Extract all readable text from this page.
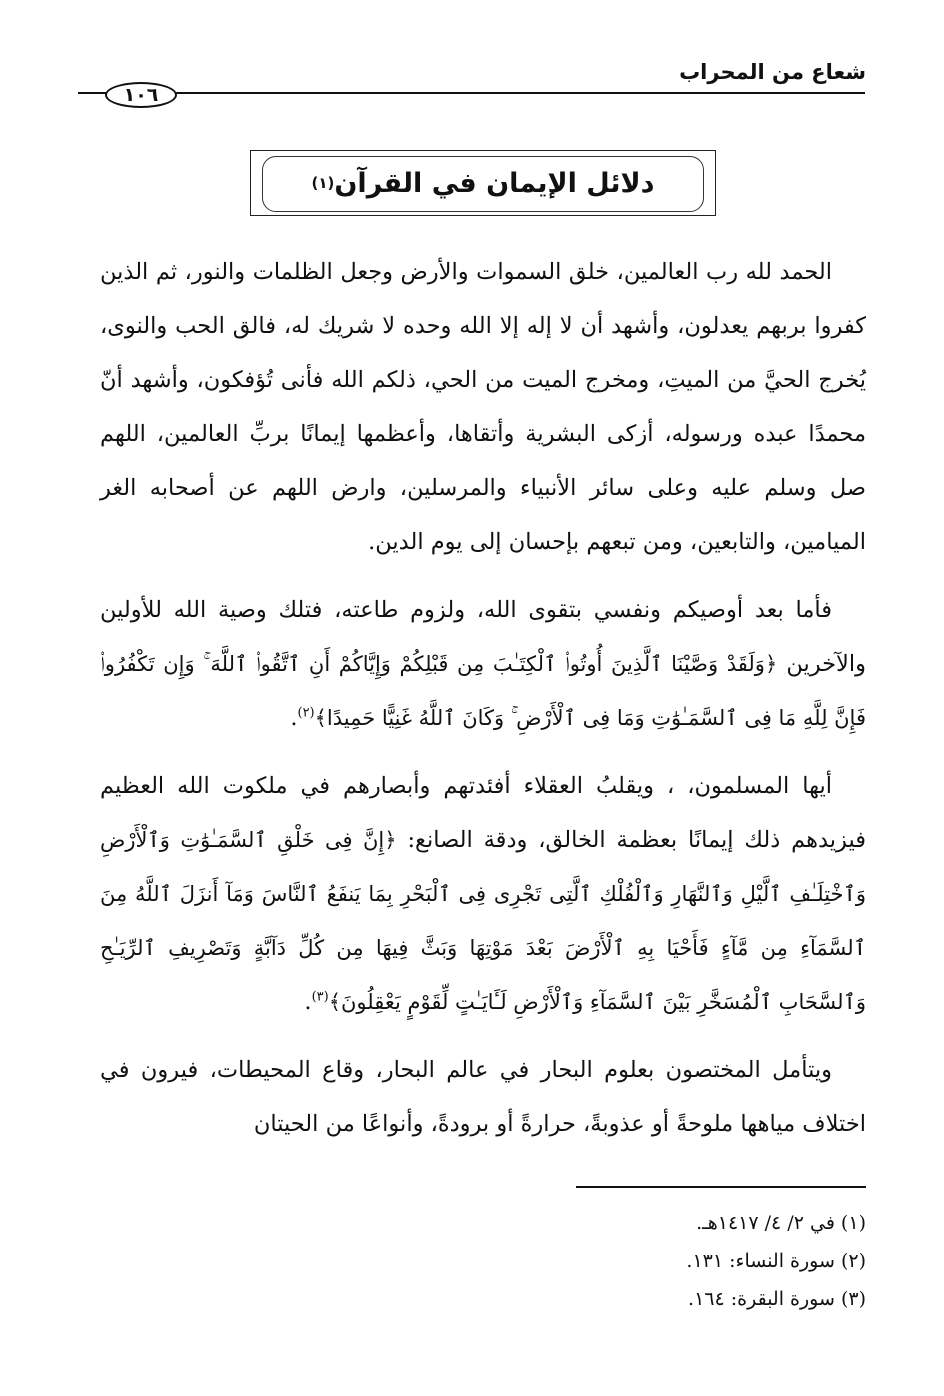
شعاع من المحراب
١٠٦
دلائل الإيمان في القرآن
(١)

الحمد لله رب العالمين، خلق السموات والأرض وجعل الظلمات والنور، ثم الذين كفروا بربهم يعدلون، وأشهد أن لا إله إلا الله وحده لا شريك له، فالق الحب والنوى، يُخرج الحيَّ من الميتِ، ومخرج الميت من الحي، ذلكم الله فأنى تُؤفكون، وأشهد أنّ محمدًا عبده ورسوله، أزكى البشرية وأتقاها، وأعظمها إيمانًا بربِّ العالمين، اللهم صل وسلم عليه وعلى سائر الأنبياء والمرسلين، وارض اللهم عن أصحابه الغر الميامين، والتابعين، ومن تبعهم بإحسان إلى يوم الدين.

فأما بعد أوصيكم ونفسي بتقوى الله، ولزوم طاعته، فتلك وصية الله للأولين والآخرين ﴿وَلَقَدْ وَصَّيْنَا ٱلَّذِينَ أُوتُوا۟ ٱلْكِتَـٰبَ مِن قَبْلِكُمْ وَإِيَّاكُمْ أَنِ ٱتَّقُوا۟ ٱللَّهَ ۚ وَإِن تَكْفُرُوا۟ فَإِنَّ لِلَّهِ مَا فِى ٱلسَّمَـٰوَٰتِ وَمَا فِى ٱلْأَرْضِ ۚ وَكَانَ ٱللَّهُ غَنِيًّا حَمِيدًا﴾$^{(٢)}$.

أيها المسلمون، ، ويقلبُ العقلاء أفئدتهم وأبصارهم في ملكوت الله العظيم فيزيدهم ذلك إيمانًا بعظمة الخالق، ودقة الصانع: ﴿إِنَّ فِى خَلْقِ ٱلسَّمَـٰوَٰتِ وَٱلْأَرْضِ وَٱخْتِلَـٰفِ ٱلَّيْلِ وَٱلنَّهَارِ وَٱلْفُلْكِ ٱلَّتِى تَجْرِى فِى ٱلْبَحْرِ بِمَا يَنفَعُ ٱلنَّاسَ وَمَآ أَنزَلَ ٱللَّهُ مِنَ ٱلسَّمَآءِ مِن مَّآءٍ فَأَحْيَا بِهِ ٱلْأَرْضَ بَعْدَ مَوْتِهَا وَبَثَّ فِيهَا مِن كُلِّ دَآبَّةٍ وَتَصْرِيفِ ٱلرِّيَـٰحِ وَٱلسَّحَابِ ٱلْمُسَخَّرِ بَيْنَ ٱلسَّمَآءِ وَٱلْأَرْضِ لَـَٔايَـٰتٍ لِّقَوْمٍ يَعْقِلُونَ﴾$^{(٣)}$.

ويتأمل المختصون بعلوم البحار في عالم البحار، وقاع المحيطات، فيرون في اختلاف مياهها ملوحةً أو عذوبةً، حرارةً أو برودةً، وأنواعًا من الحيتان

(١) في ٢/ ٤/ ١٤١٧هـ.
(٢) سورة النساء: ١٣١.
(٣) سورة البقرة: ١٦٤.
